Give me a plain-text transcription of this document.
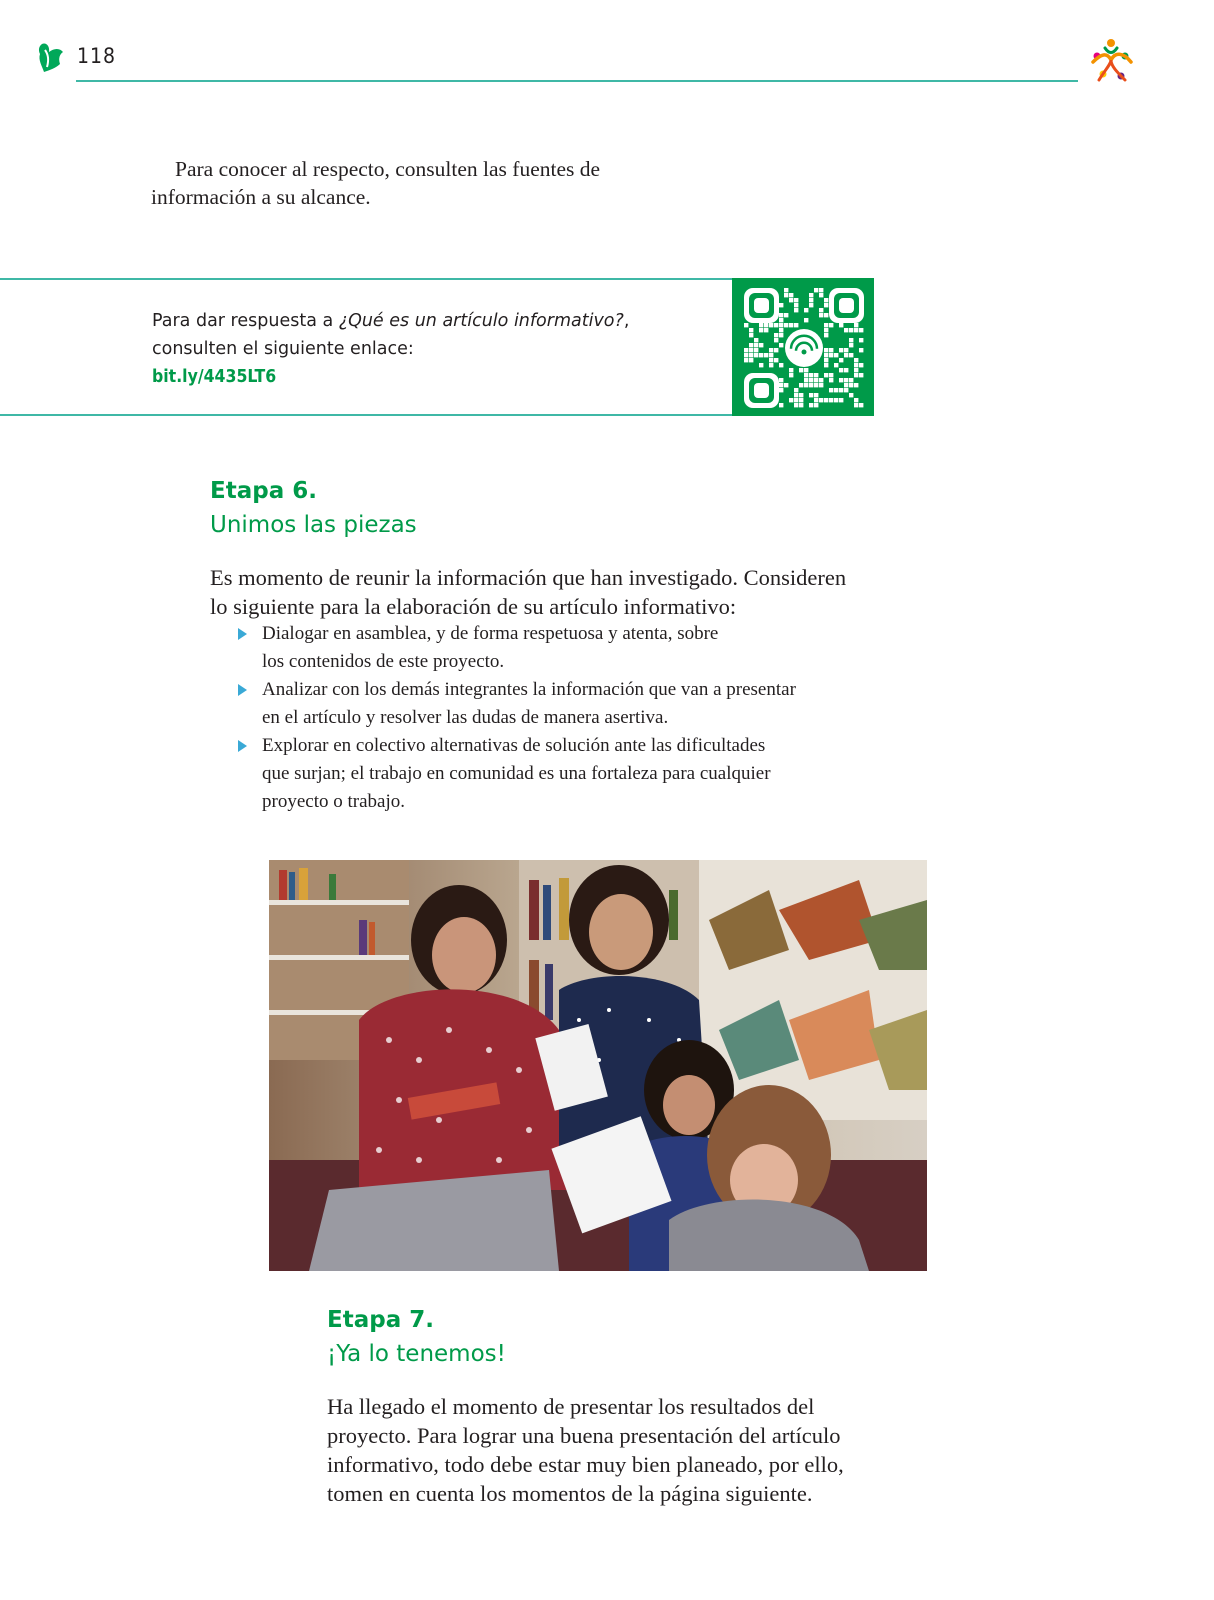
118
Para conocer al respecto, consulten las fuentes de
información a su alcance.
Para dar respuesta a ¿Qué es un artículo informativo?,
consulten el siguiente enlace:
bit.ly/4435LT6
Etapa 6.
Unimos las piezas
Es momento de reunir la información que han investigado. Consideren
lo siguiente para la elaboración de su artículo informativo:
Dialogar en asamblea, y de forma respetuosa y atenta, sobre
los contenidos de este proyecto.
Analizar con los demás integrantes la información que van a presentar
en el artículo y resolver las dudas de manera asertiva.
Explorar en colectivo alternativas de solución ante las dificultades
que surjan; el trabajo en comunidad es una fortaleza para cualquier
proyecto o trabajo.
Etapa 7.
¡Ya lo tenemos!
Ha llegado el momento de presentar los resultados del
proyecto. Para lograr una buena presentación del artículo
informativo, todo debe estar muy bien planeado, por ello,
tomen en cuenta los momentos de la página siguiente.
